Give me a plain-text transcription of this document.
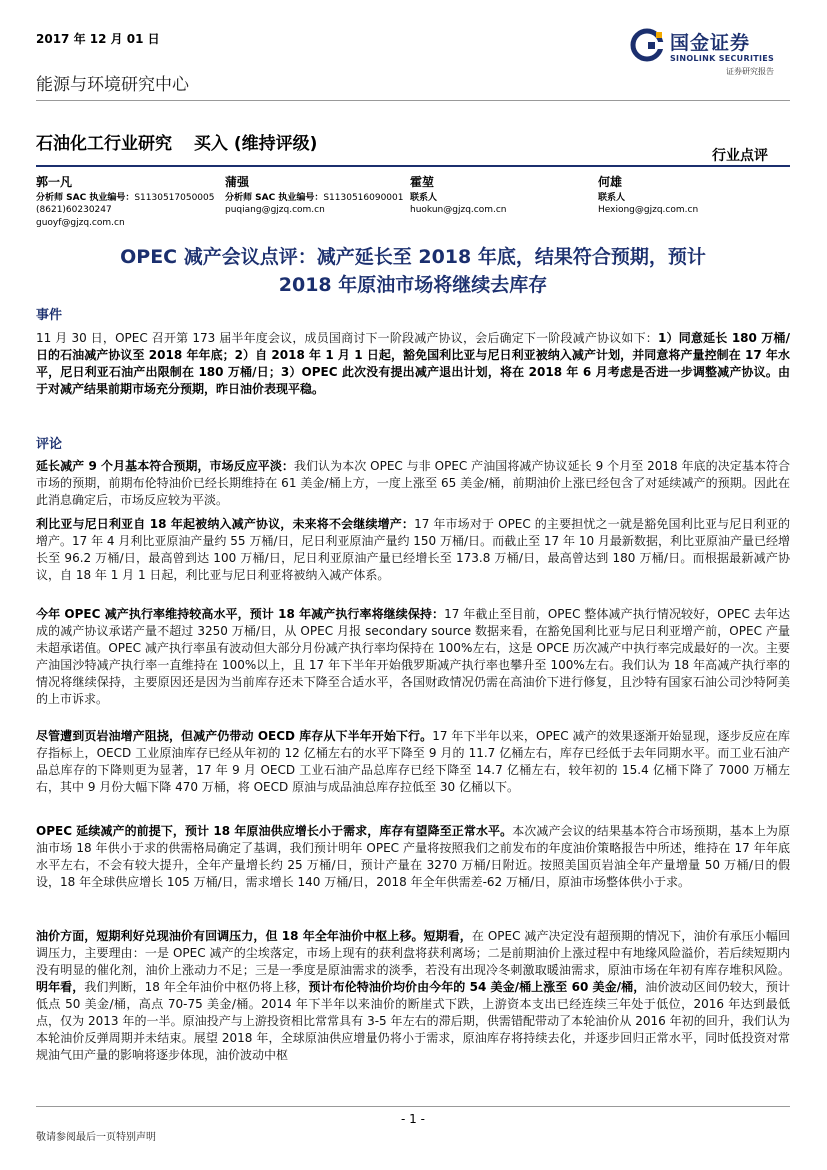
2017 年 12 月 01 日	国金证券
SINOLINK SECURITIES
证券研究报告
能源与环境研究中心
石油化工行业研究 买入 (维持评级)
行业点评
郭一凡
分析师 SAC 执业编号：S1130517050005
(8621)60230247
guoyf@gjzq.com.cn
蒲强
分析师 SAC 执业编号：S1130516090001
puqiang@gjzq.com.cn
霍堃
联系人
huokun@gjzq.com.cn
何雄
联系人
Hexiong@gjzq.com.cn
OPEC 减产会议点评：减产延长至 2018 年底，结果符合预期，预计
2018 年原油市场将继续去库存
事件
11 月 30 日，OPEC 召开第 173 届半年度会议，成员国商讨下一阶段减产协议，会后确定下一阶段减产协议如下：1）同意延长 180 万桶/日的石油减产协议至 2018 年年底；2）自 2018 年 1 月 1 日起，豁免国利比亚与尼日利亚被纳入减产计划，并同意将产量控制在 17 年水平，尼日利亚石油产出限制在 180 万桶/日；3）OPEC 此次没有提出减产退出计划，将在 2018 年 6 月考虑是否进一步调整减产协议。由于对减产结果前期市场充分预期，昨日油价表现平稳。
评论
延长减产 9 个月基本符合预期，市场反应平淡：我们认为本次 OPEC 与非 OPEC 产油国将减产协议延长 9 个月至 2018 年底的决定基本符合市场的预期，前期布伦特油价已经长期维持在 61 美金/桶上方，一度上涨至 65 美金/桶，前期油价上涨已经包含了对延续减产的预期。因此在此消息确定后，市场反应较为平淡。
利比亚与尼日利亚自 18 年起被纳入减产协议，未来将不会继续增产：17 年市场对于 OPEC 的主要担忧之一就是豁免国利比亚与尼日利亚的增产。17 年 4 月利比亚原油产量约 55 万桶/日，尼日利亚原油产量约 150 万桶/日。而截止至 17 年 10 月最新数据，利比亚原油产量已经增长至 96.2 万桶/日，最高曾到达 100 万桶/日，尼日利亚原油产量已经增长至 173.8 万桶/日，最高曾达到 180 万桶/日。而根据最新减产协议，自 18 年 1 月 1 日起，利比亚与尼日利亚将被纳入减产体系。
今年 OPEC 减产执行率维持较高水平，预计 18 年减产执行率将继续保持：17 年截止至目前，OPEC 整体减产执行情况较好，OPEC 去年达成的减产协议承诺产量不超过 3250 万桶/日，从 OPEC 月报 secondary source 数据来看，在豁免国利比亚与尼日利亚增产前，OPEC 产量未超承诺值。OPEC 减产执行率虽有波动但大部分月份减产执行率均保持在 100%左右，这是 OPCE 历次减产中执行率完成最好的一次。主要产油国沙特减产执行率一直维持在 100%以上，且 17 年下半年开始俄罗斯减产执行率也攀升至 100%左右。我们认为 18 年高减产执行率的情况将继续保持，主要原因还是因为当前库存还未下降至合适水平，各国财政情况仍需在高油价下进行修复，且沙特有国家石油公司沙特阿美的上市诉求。
尽管遭到页岩油增产阻挠，但减产仍带动 OECD 库存从下半年开始下行。17 年下半年以来，OPEC 减产的效果逐渐开始显现，逐步反应在库存指标上，OECD 工业原油库存已经从年初的 12 亿桶左右的水平下降至 9 月的 11.7 亿桶左右，库存已经低于去年同期水平。而工业石油产品总库存的下降则更为显著，17 年 9 月 OECD 工业石油产品总库存已经下降至 14.7 亿桶左右，较年初的 15.4 亿桶下降了 7000 万桶左右，其中 9 月份大幅下降 470 万桶，将 OECD 原油与成品油总库存拉低至 30 亿桶以下。
OPEC 延续减产的前提下，预计 18 年原油供应增长小于需求，库存有望降至正常水平。本次减产会议的结果基本符合市场预期，基本上为原油市场 18 年供小于求的供需格局确定了基调，我们预计明年 OPEC 产量将按照我们之前发布的年度油价策略报告中所述，维持在 17 年年底水平左右，不会有较大提升，全年产量增长约 25 万桶/日，预计产量在 3270 万桶/日附近。按照美国页岩油全年产量增量 50 万桶/日的假设，18 年全球供应增长 105 万桶/日，需求增长 140 万桶/日，2018 年全年供需差-62 万桶/日，原油市场整体供小于求。
油价方面，短期利好兑现油价有回调压力，但 18 年全年油价中枢上移。短期看，在 OPEC 减产决定没有超预期的情况下，油价有承压小幅回调压力，主要理由：一是 OPEC 减产的尘埃落定，市场上现有的获利盘将获利离场；二是前期油价上涨过程中有地缘风险溢价，若后续短期内没有明显的催化剂，油价上涨动力不足；三是一季度是原油需求的淡季，若没有出现冷冬刺激取暖油需求，原油市场在年初有库存堆积风险。明年看，我们判断，18 年全年油价中枢仍将上移，预计布伦特油价均价由今年的 54 美金/桶上涨至 60 美金/桶，油价波动区间仍较大，预计低点 50 美金/桶，高点 70-75 美金/桶。2014 年下半年以来油价的断崖式下跌，上游资本支出已经连续三年处于低位，2016 年达到最低点，仅为 2013 年的一半。原油投产与上游投资相比常常具有 3-5 年左右的滞后期，供需错配带动了本轮油价从 2016 年初的回升，我们认为本轮油价反弹周期并未结束。展望 2018 年，全球原油供应增量仍将小于需求，原油库存将持续去化，并逐步回归正常水平，同时低投资对常规油气田产量的影响将逐步体现，油价波动中枢
- 1 -
敬请参阅最后一页特别声明
